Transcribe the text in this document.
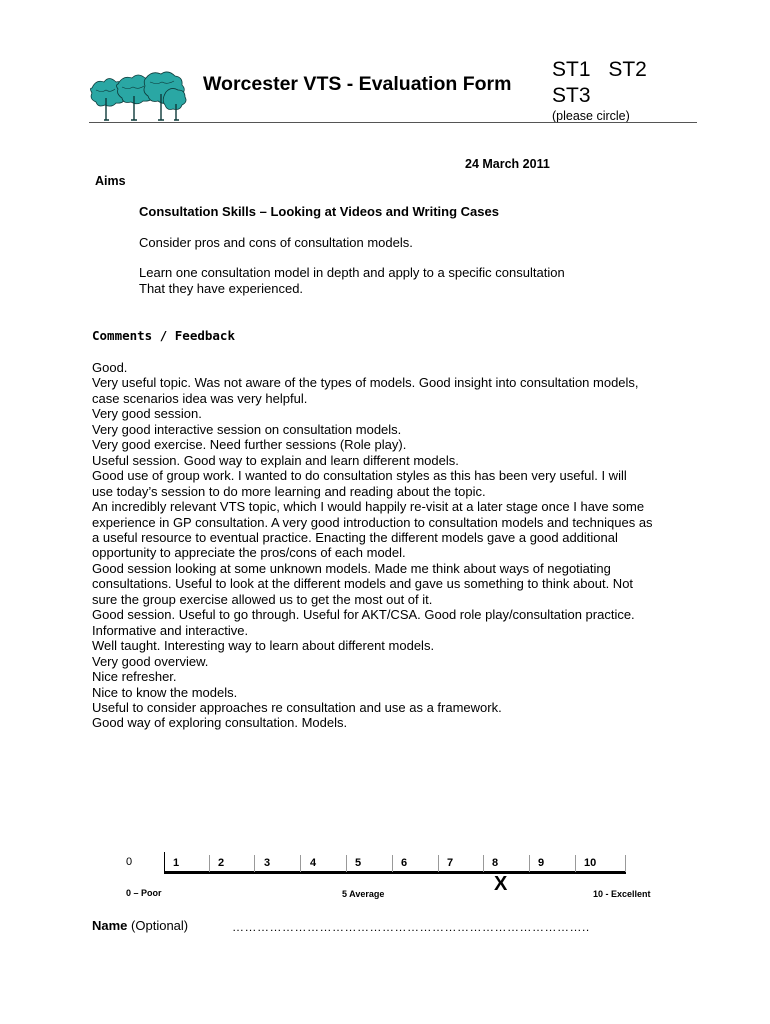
Worcester VTS - Evaluation Form
ST1 ST2
ST3
(please circle)
24 March 2011
Aims
Consultation Skills – Looking at Videos and Writing Cases
Consider pros and cons of consultation models.
Learn one consultation model in depth and apply to a specific consultation
That they have experienced.
Comments / Feedback
Good.
Very useful topic. Was not aware of the types of models. Good insight into consultation models,
case scenarios idea was very helpful.
Very good session.
Very good interactive session on consultation models.
Very good exercise. Need further sessions (Role play).
Useful session. Good way to explain and learn different models.
Good use of group work. I wanted to do consultation styles as this has been very useful. I will
use today’s session to do more learning and reading about the topic.
An incredibly relevant VTS topic, which I would happily re-visit at a later stage once I have some
experience in GP consultation. A very good introduction to consultation models and techniques as
a useful resource to eventual practice. Enacting the different models gave a good additional
opportunity to appreciate the pros/cons of each model.
Good session looking at some unknown models. Made me think about ways of negotiating
consultations. Useful to look at the different models and gave us something to think about. Not
sure the group exercise allowed us to get the most out of it.
Good session. Useful to go through. Useful for AKT/CSA. Good role play/consultation practice.
Informative and interactive.
Well taught. Interesting way to learn about different models.
Very good overview.
Nice refresher.
Nice to know the models.
Useful to consider approaches re consultation and use as a framework.
Good way of exploring consultation. Models.
0	1	2	3	4	5	6	7	8	9	10
0 – Poor	5 Average	X	10 - Excellent
Name (Optional)	…………………………………………………………………………..
